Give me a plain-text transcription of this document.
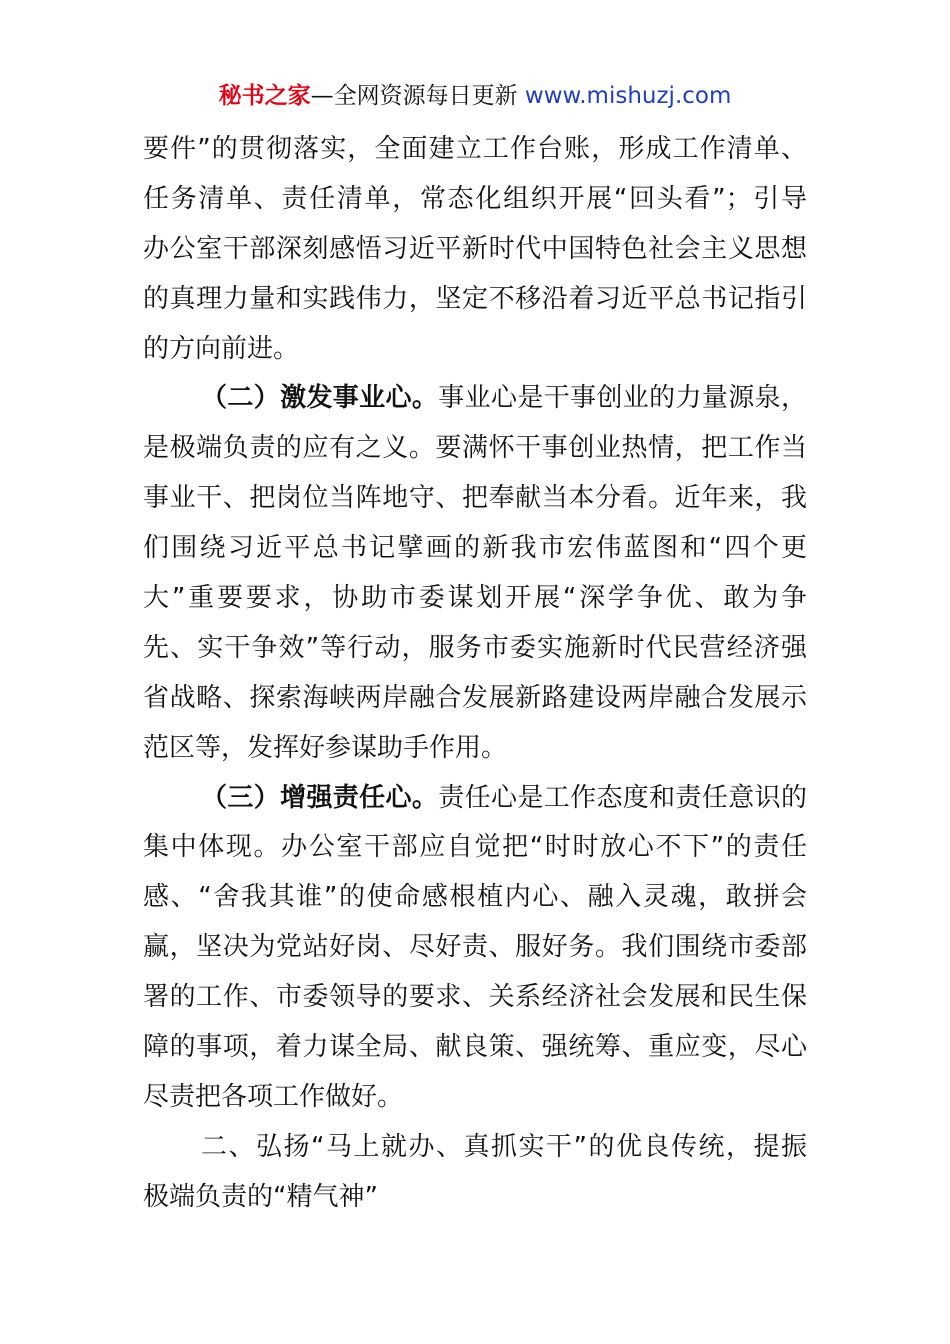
秘书之家—全网资源每日更新 www.mishuzj.com
要件”的贯彻落实，全面建立工作台账，形成工作清单、
任务清单、责任清单，常态化组织开展“回头看”；引导
办公室干部深刻感悟习近平新时代中国特色社会主义思想
的真理力量和实践伟力，坚定不移沿着习近平总书记指引
的方向前进。
（二）激发事业心。事业心是干事创业的力量源泉，
是极端负责的应有之义。要满怀干事创业热情，把工作当
事业干、把岗位当阵地守、把奉献当本分看。近年来，我
们围绕习近平总书记擘画的新我市宏伟蓝图和“四个更
大”重要要求，协助市委谋划开展“深学争优、敢为争
先、实干争效”等行动，服务市委实施新时代民营经济强
省战略、探索海峡两岸融合发展新路建设两岸融合发展示
范区等，发挥好参谋助手作用。
（三）增强责任心。责任心是工作态度和责任意识的
集中体现。办公室干部应自觉把“时时放心不下”的责任
感、“舍我其谁”的使命感根植内心、融入灵魂，敢拼会
赢，坚决为党站好岗、尽好责、服好务。我们围绕市委部
署的工作、市委领导的要求、关系经济社会发展和民生保
障的事项，着力谋全局、献良策、强统筹、重应变，尽心
尽责把各项工作做好。
二、弘扬“马上就办、真抓实干”的优良传统，提振
极端负责的“精气神”
